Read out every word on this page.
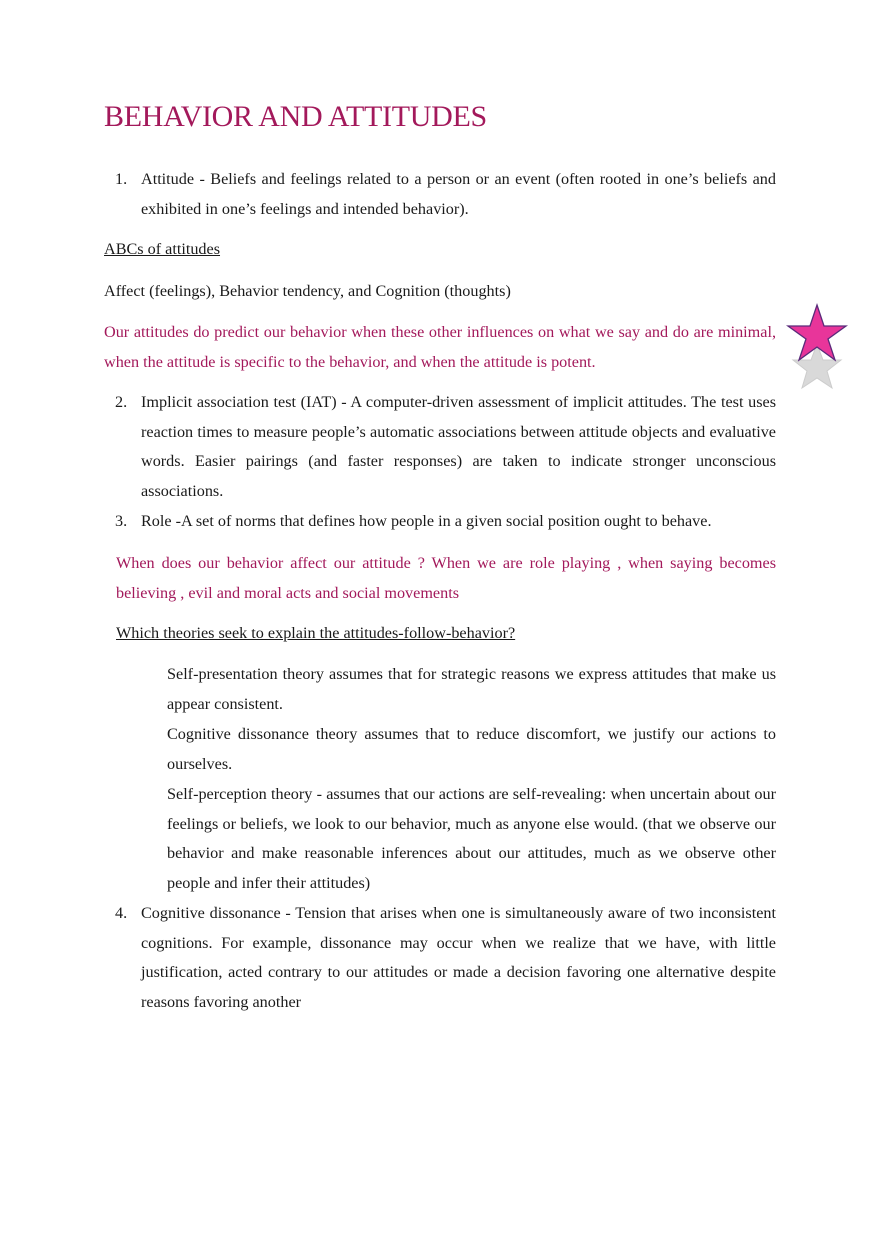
BEHAVIOR AND ATTITUDES
1. Attitude - Beliefs and feelings related to a person or an event (often rooted in one’s beliefs and exhibited in one’s feelings and intended behavior).

ABCs of attitudes

Affect (feelings), Behavior tendency, and Cognition (thoughts)

Our attitudes do predict our behavior when these other influences on what we say and do are minimal, when the attitude is specific to the behavior, and when the attitude is potent.

2. Implicit association test (IAT) - A computer-driven assessment of implicit attitudes. The test uses reaction times to measure people’s automatic associations between attitude objects and evaluative words. Easier pairings (and faster responses) are taken to indicate stronger unconscious associations.

3. Role -A set of norms that defines how people in a given social position ought to behave.

When does our behavior affect our attitude ? When we are role playing , when saying becomes believing , evil and moral acts and social movements

Which theories seek to explain the attitudes-follow-behavior?

Self-presentation theory assumes that for strategic reasons we express attitudes that make us appear consistent.

Cognitive dissonance theory assumes that to reduce discomfort, we justify our actions to ourselves.

Self-perception theory - assumes that our actions are self-revealing: when uncertain about our feelings or beliefs, we look to our behavior, much as anyone else would. (that we observe our behavior and make reasonable inferences about our attitudes, much as we observe other people and infer their attitudes)

4. Cognitive dissonance - Tension that arises when one is simultaneously aware of two inconsistent cognitions. For example, dissonance may occur when we realize that we have, with little justification, acted contrary to our attitudes or made a decision favoring one alternative despite reasons favoring another
